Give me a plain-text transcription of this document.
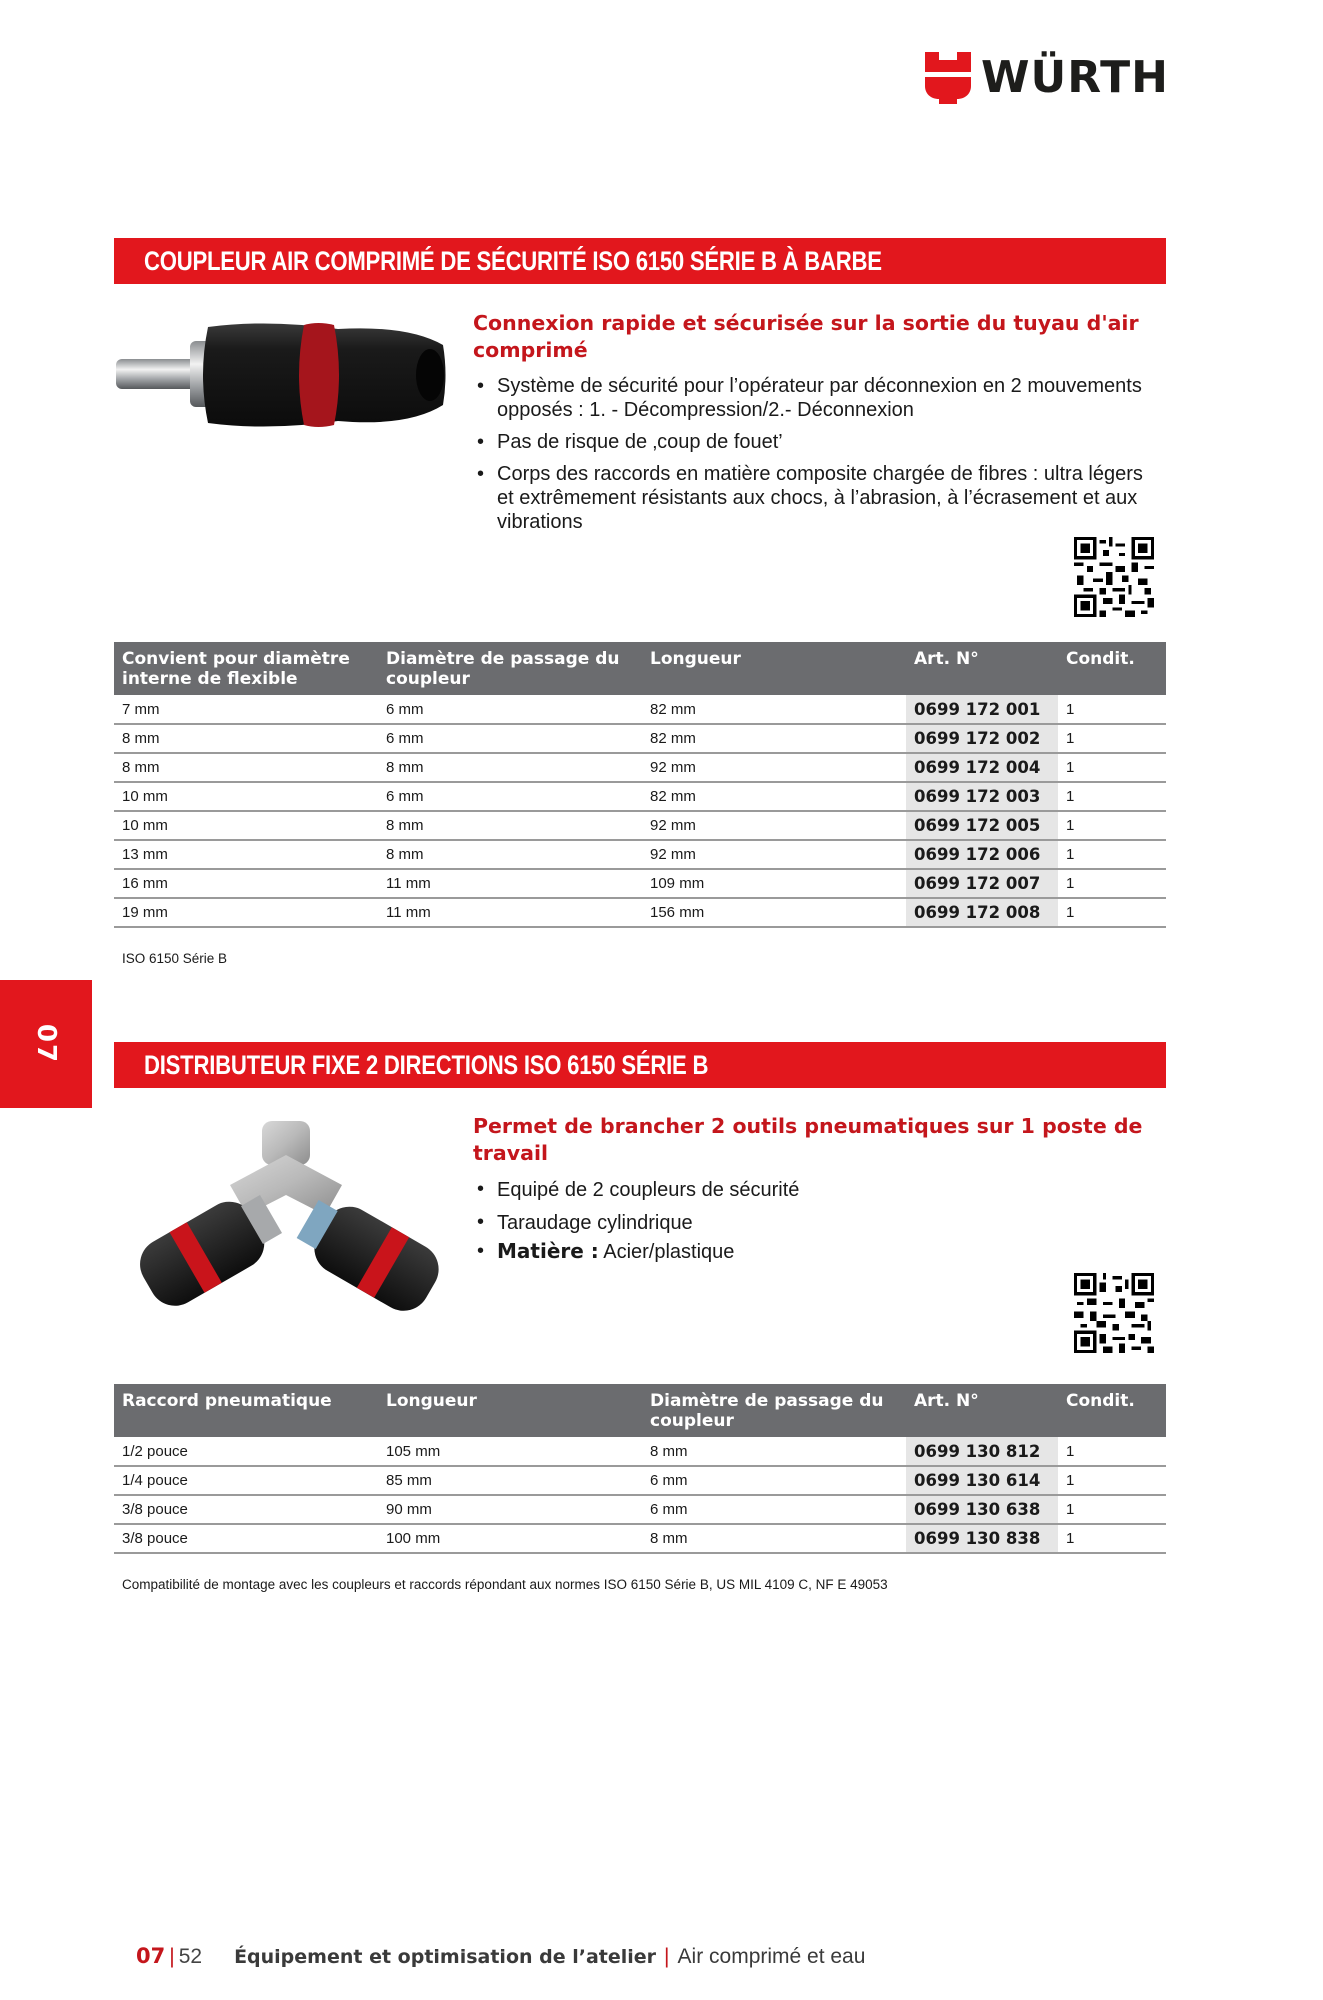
WÜRTH
COUPLEUR AIR COMPRIMÉ DE SÉCURITÉ ISO 6150 SÉRIE B À BARBE
Connexion rapide et sécurisée sur la sortie du tuyau d'air comprimé
• Système de sécurité pour l’opérateur par déconnexion en 2 mouvements opposés : 1. - Décompression/2.- Déconnexion
• Pas de risque de ‚coup de fouet’
• Corps des raccords en matière composite chargée de fibres : ultra légers et extrêmement résistants aux chocs, à l’abrasion, à l’écrasement et aux vibrations
Convient pour diamètre interne de flexible	Diamètre de passage du coupleur	Longueur	Art. N°	Condit.
7 mm	6 mm	82 mm	0699 172 001	1
8 mm	6 mm	82 mm	0699 172 002	1
8 mm	8 mm	92 mm	0699 172 004	1
10 mm	6 mm	82 mm	0699 172 003	1
10 mm	8 mm	92 mm	0699 172 005	1
13 mm	8 mm	92 mm	0699 172 006	1
16 mm	11 mm	109 mm	0699 172 007	1
19 mm	11 mm	156 mm	0699 172 008	1
ISO 6150 Série B
07
DISTRIBUTEUR FIXE 2 DIRECTIONS ISO 6150 SÉRIE B
Permet de brancher 2 outils pneumatiques sur 1 poste de travail
• Equipé de 2 coupleurs de sécurité
• Taraudage cylindrique
• Matière : Acier/plastique
Raccord pneumatique	Longueur	Diamètre de passage du coupleur	Art. N°	Condit.
1/2 pouce	105 mm	8 mm	0699 130 812	1
1/4 pouce	85 mm	6 mm	0699 130 614	1
3/8 pouce	90 mm	6 mm	0699 130 638	1
3/8 pouce	100 mm	8 mm	0699 130 838	1
Compatibilité de montage avec les coupleurs et raccords répondant aux normes ISO 6150 Série B, US MIL 4109 C, NF E 49053
07 | 52 Équipement et optimisation de l’atelier | Air comprimé et eau
